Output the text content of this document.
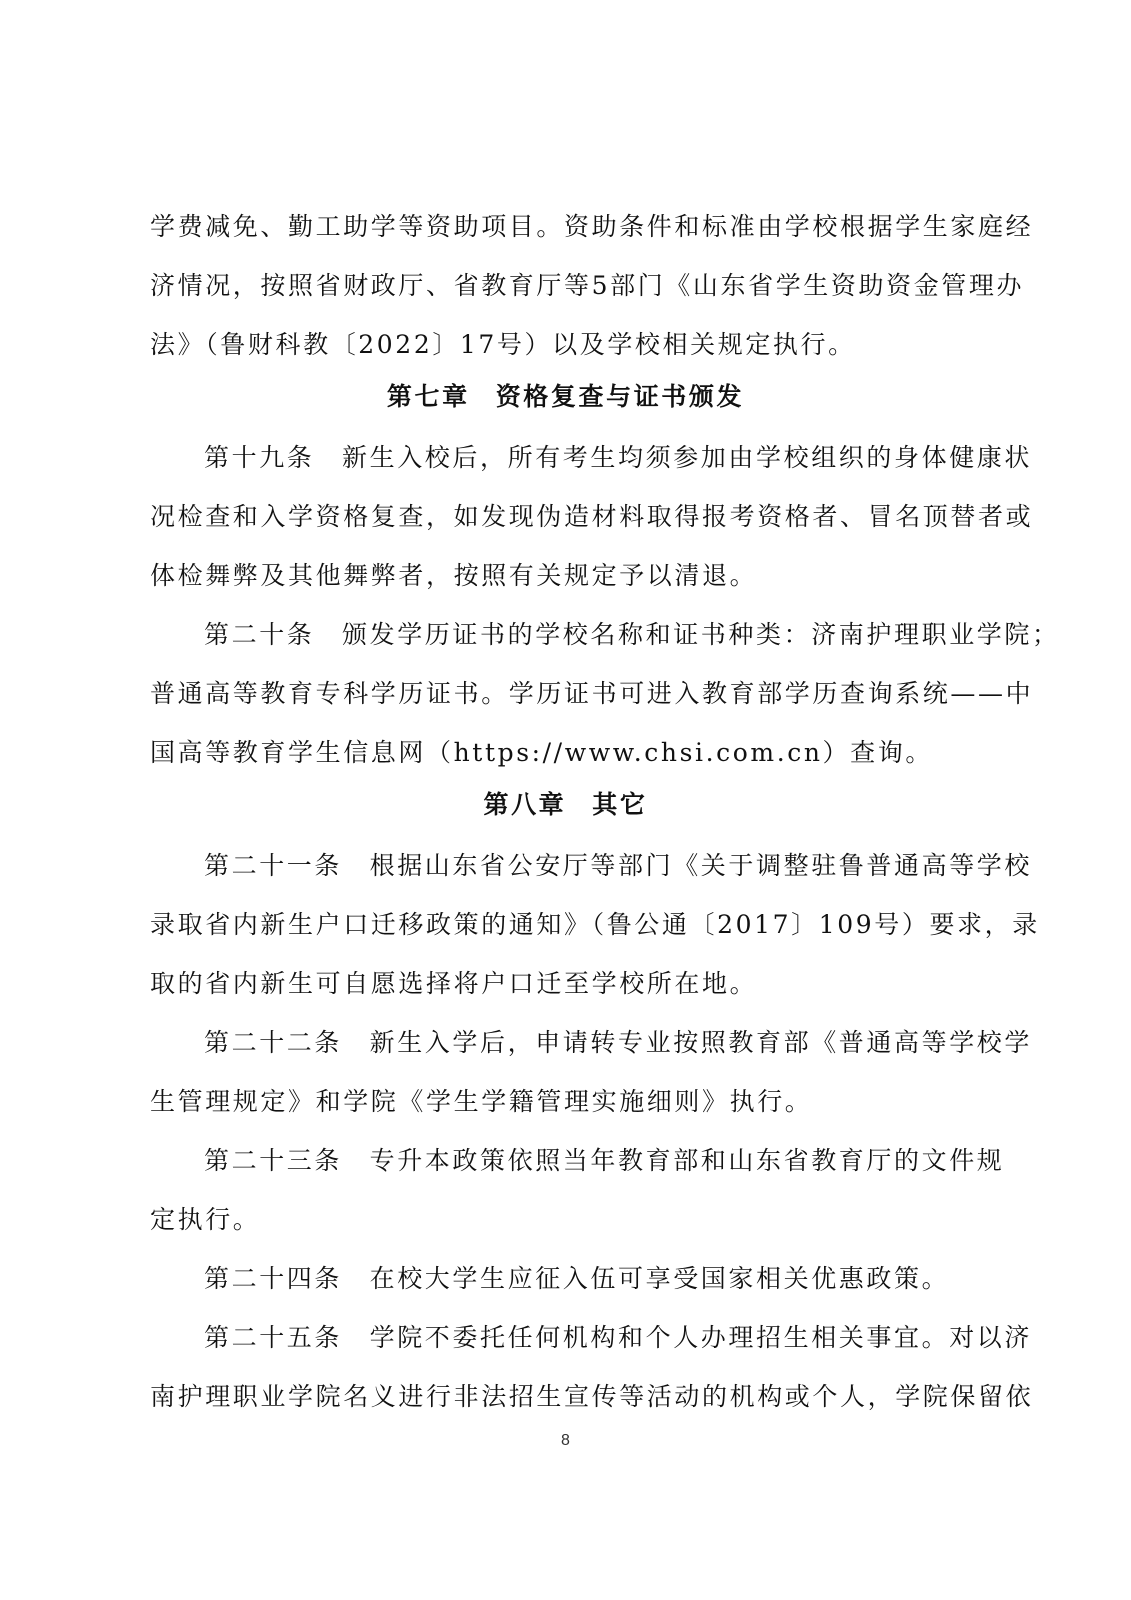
学费减免、勤工助学等资助项目。资助条件和标准由学校根据学生家庭经
济情况，按照省财政厅、省教育厅等5部门《山东省学生资助资金管理办
法》（鲁财科教〔2022〕17号）以及学校相关规定执行。
第七章 资格复查与证书颁发
第十九条　新生入校后，所有考生均须参加由学校组织的身体健康状
况检查和入学资格复查，如发现伪造材料取得报考资格者、冒名顶替者或
体检舞弊及其他舞弊者，按照有关规定予以清退。
第二十条　颁发学历证书的学校名称和证书种类：济南护理职业学院；
普通高等教育专科学历证书。学历证书可进入教育部学历查询系统——中
国高等教育学生信息网（https://www.chsi.com.cn）查询。
第八章 其它
第二十一条　根据山东省公安厅等部门《关于调整驻鲁普通高等学校
录取省内新生户口迁移政策的通知》（鲁公通〔2017〕109号）要求，录
取的省内新生可自愿选择将户口迁至学校所在地。
第二十二条　新生入学后，申请转专业按照教育部《普通高等学校学
生管理规定》和学院《学生学籍管理实施细则》执行。
第二十三条　专升本政策依照当年教育部和山东省教育厅的文件规
定执行。
第二十四条　在校大学生应征入伍可享受国家相关优惠政策。
第二十五条　学院不委托任何机构和个人办理招生相关事宜。对以济
南护理职业学院名义进行非法招生宣传等活动的机构或个人，学院保留依
8
